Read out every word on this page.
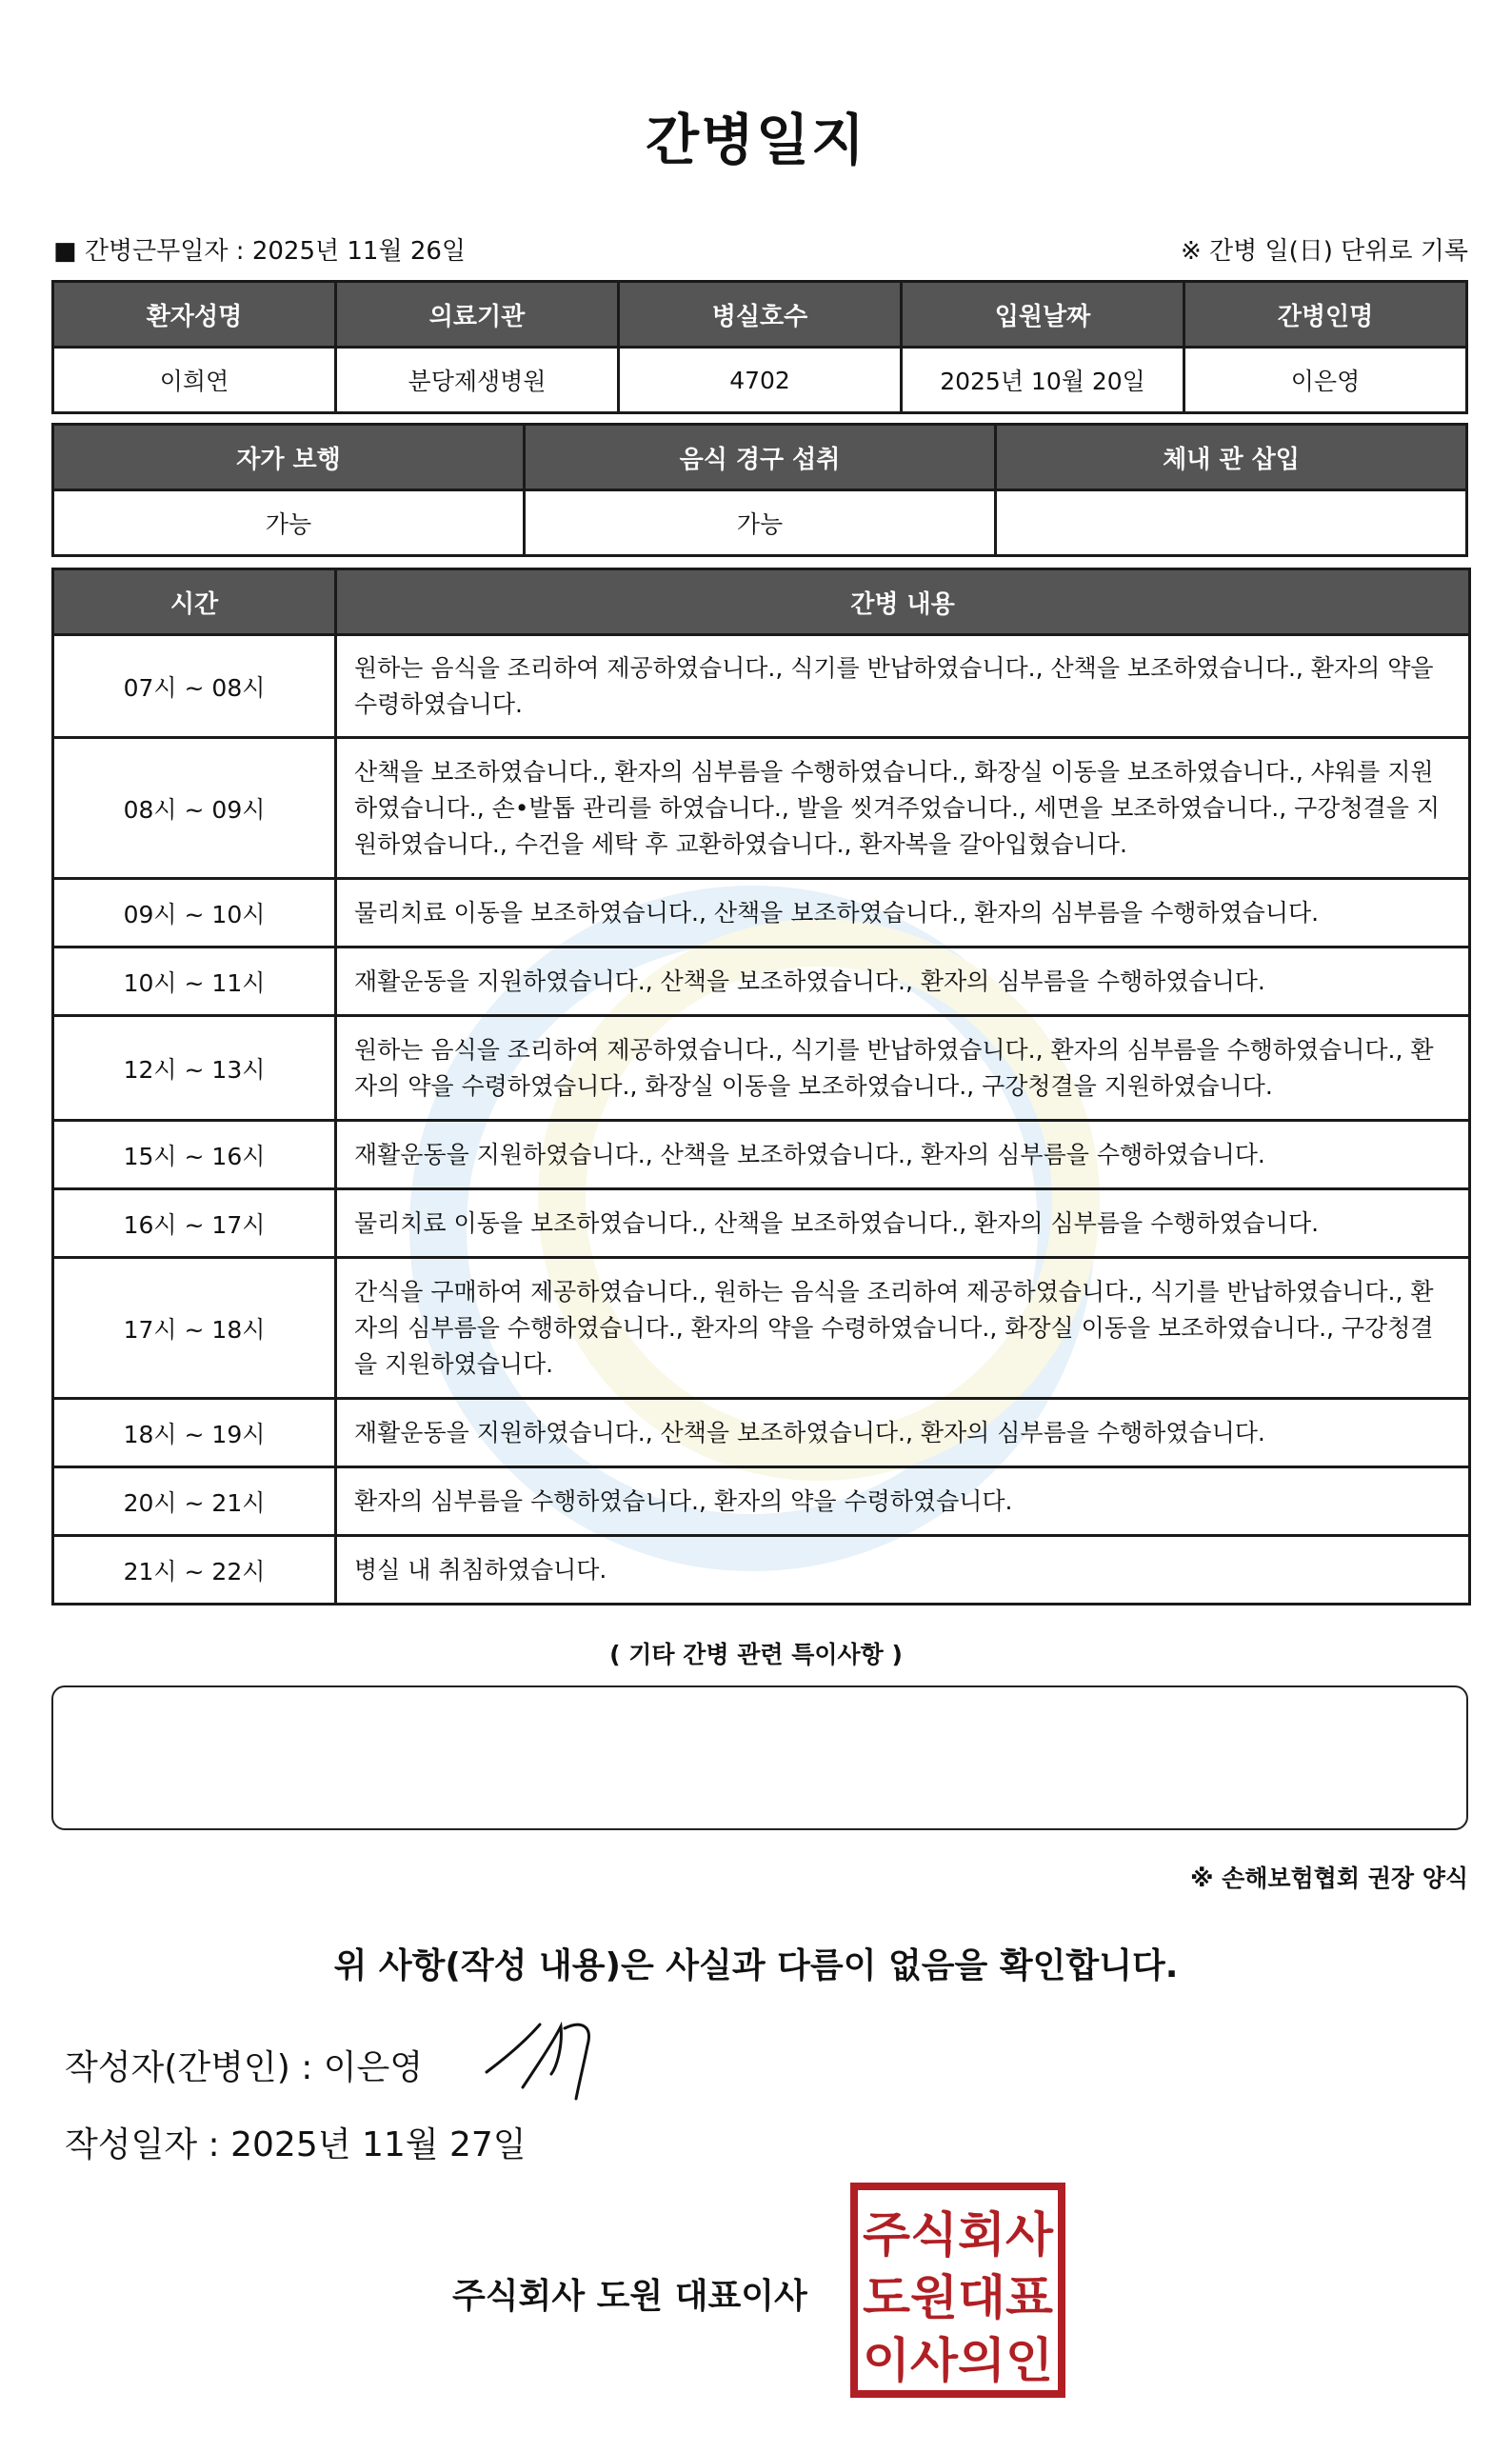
간병일지
■ 간병근무일자 : 2025년 11월 26일	※ 간병 일(日) 단위로 기록
환자성명	의료기관	병실호수	입원날짜	간병인명
이희연	분당제생병원	4702	2025년 10월 20일	이은영
자가 보행	음식 경구 섭취	체내 관 삽입
가능	가능	
시간	간병 내용
07시 ~ 08시	원하는 음식을 조리하여 제공하였습니다., 식기를 반납하였습니다., 산책을 보조하였습니다., 환자의 약을 수령하였습니다.
08시 ~ 09시	산책을 보조하였습니다., 환자의 심부름을 수행하였습니다., 화장실 이동을 보조하였습니다., 샤워를 지원하였습니다., 손•발톱 관리를 하였습니다., 발을 씻겨주었습니다., 세면을 보조하였습니다., 구강청결을 지원하였습니다., 수건을 세탁 후 교환하였습니다., 환자복을 갈아입혔습니다.
09시 ~ 10시	물리치료 이동을 보조하였습니다., 산책을 보조하였습니다., 환자의 심부름을 수행하였습니다.
10시 ~ 11시	재활운동을 지원하였습니다., 산책을 보조하였습니다., 환자의 심부름을 수행하였습니다.
12시 ~ 13시	원하는 음식을 조리하여 제공하였습니다., 식기를 반납하였습니다., 환자의 심부름을 수행하였습니다., 환자의 약을 수령하였습니다., 화장실 이동을 보조하였습니다., 구강청결을 지원하였습니다.
15시 ~ 16시	재활운동을 지원하였습니다., 산책을 보조하였습니다., 환자의 심부름을 수행하였습니다.
16시 ~ 17시	물리치료 이동을 보조하였습니다., 산책을 보조하였습니다., 환자의 심부름을 수행하였습니다.
17시 ~ 18시	간식을 구매하여 제공하였습니다., 원하는 음식을 조리하여 제공하였습니다., 식기를 반납하였습니다., 환자의 심부름을 수행하였습니다., 환자의 약을 수령하였습니다., 화장실 이동을 보조하였습니다., 구강청결을 지원하였습니다.
18시 ~ 19시	재활운동을 지원하였습니다., 산책을 보조하였습니다., 환자의 심부름을 수행하였습니다.
20시 ~ 21시	환자의 심부름을 수행하였습니다., 환자의 약을 수령하였습니다.
21시 ~ 22시	병실 내 취침하였습니다.
( 기타 간병 관련 특이사항 )
※ 손해보험협회 권장 양식
위 사항(작성 내용)은 사실과 다름이 없음을 확인합니다.
작성자(간병인) : 이은영
작성일자 : 2025년 11월 27일
주식회사 도원 대표이사
주식회사
도원대표
이사의인
